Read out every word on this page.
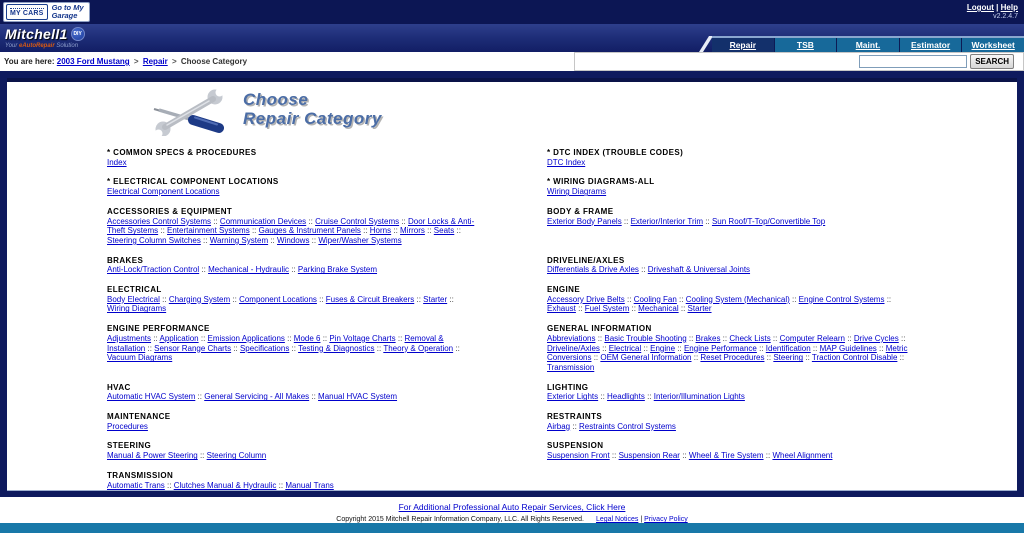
MY CARS
Go to My
Garage
Logout | Help
v2.2.4.7
Mitchell1	DIY
Your eAutoRepair Solution	Repair	TSB	Maint.	Estimator	Worksheet
You are here: 2003 Ford Mustang > Repair > Choose Category	SEARCH
Choose
Repair Category
* COMMON SPECS & PROCEDURES
Index
* DTC INDEX (TROUBLE CODES)
DTC Index
* ELECTRICAL COMPONENT LOCATIONS
Electrical Component Locations
* WIRING DIAGRAMS-ALL
Wiring Diagrams
ACCESSORIES & EQUIPMENT
Accessories Control Systems :: Communication Devices :: Cruise Control Systems :: Door Locks & Anti-Theft Systems :: Entertainment Systems :: Gauges & Instrument Panels :: Horns :: Mirrors :: Seats :: Steering Column Switches :: Warning System :: Windows :: Wiper/Washer Systems
BODY & FRAME
Exterior Body Panels :: Exterior/Interior Trim :: Sun Roof/T-Top/Convertible Top
BRAKES
Anti-Lock/Traction Control :: Mechanical - Hydraulic :: Parking Brake System
DRIVELINE/AXLES
Differentials & Drive Axles :: Driveshaft & Universal Joints
ELECTRICAL
Body Electrical :: Charging System :: Component Locations :: Fuses & Circuit Breakers :: Starter :: Wiring Diagrams
ENGINE
Accessory Drive Belts :: Cooling Fan :: Cooling System (Mechanical) :: Engine Control Systems :: Exhaust :: Fuel System :: Mechanical :: Starter
ENGINE PERFORMANCE
Adjustments :: Application :: Emission Applications :: Mode 6 :: Pin Voltage Charts :: Removal & Installation :: Sensor Range Charts :: Specifications :: Testing & Diagnostics :: Theory & Operation :: Vacuum Diagrams
GENERAL INFORMATION
Abbreviations :: Basic Trouble Shooting :: Brakes :: Check Lists :: Computer Relearn :: Drive Cycles :: Driveline/Axles :: Electrical :: Engine :: Engine Performance :: Identification :: MAP Guidelines :: Metric Conversions :: OEM General Information :: Reset Procedures :: Steering :: Traction Control Disable :: Transmission
HVAC
Automatic HVAC System :: General Servicing - All Makes :: Manual HVAC System
LIGHTING
Exterior Lights :: Headlights :: Interior/Illumination Lights
MAINTENANCE
Procedures
RESTRAINTS
Airbag :: Restraints Control Systems
STEERING
Manual & Power Steering :: Steering Column
SUSPENSION
Suspension Front :: Suspension Rear :: Wheel & Tire System :: Wheel Alignment
TRANSMISSION
Automatic Trans :: Clutches Manual & Hydraulic :: Manual Trans
For Additional Professional Auto Repair Services, Click Here
Copyright 2015 Mitchell Repair Information Company, LLC. All Rights Reserved. Legal Notices | Privacy Policy
